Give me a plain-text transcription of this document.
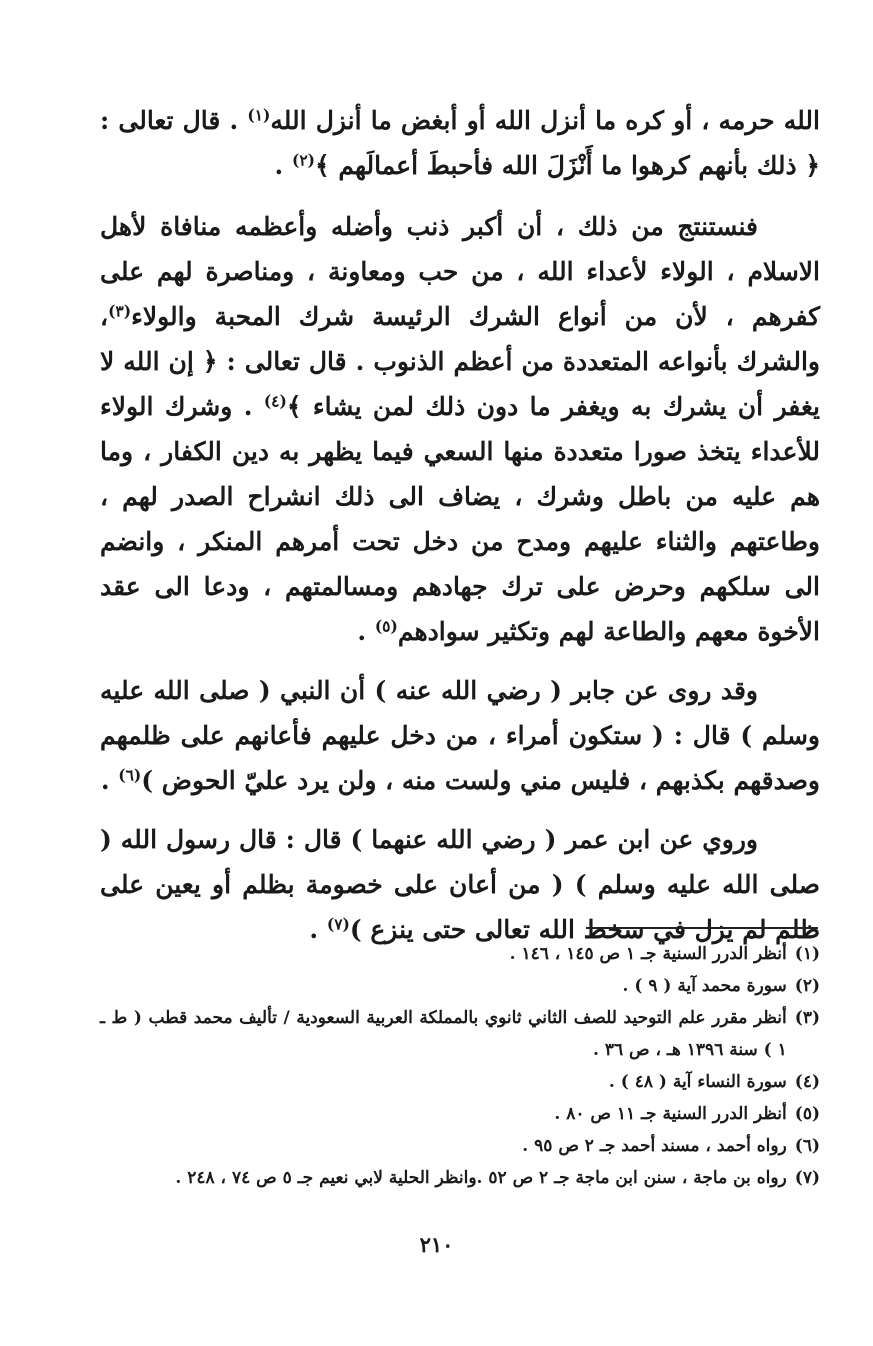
الله حرمه ، أو كره ما أنزل الله أو أبغض ما أنزل الله$^{(١)}$ . قال تعالى : ﴿ ذلك بأنهم كرهوا ما أَنْزَلَ الله فأحبطَ أعمالَهم ﴾$^{(٢)}$ .

فنستنتج من ذلك ، أن أكبر ذنب وأضله وأعظمه منافاة لأهل الاسلام ، الولاء لأعداء الله ، من حب ومعاونة ، ومناصرة لهم على كفرهم ، لأن من أنواع الشرك الرئيسة شرك المحبة والولاء$^{(٣)}$، والشرك بأنواعه المتعددة من أعظم الذنوب . قال تعالى : ﴿ إن الله لا يغفر أن يشرك به ويغفر ما دون ذلك لمن يشاء ﴾$^{(٤)}$ . وشرك الولاء للأعداء يتخذ صورا متعددة منها السعي فيما يظهر به دين الكفار ، وما هم عليه من باطل وشرك ، يضاف الى ذلك انشراح الصدر لهم ، وطاعتهم والثناء عليهم ومدح من دخل تحت أمرهم المنكر ، وانضم الى سلكهم وحرض على ترك جهادهم ومسالمتهم ، ودعا الى عقد الأخوة معهم والطاعة لهم وتكثير سوادهم$^{(٥)}$ .

وقد روى عن جابر ( رضي الله عنه ) أن النبي ( صلى الله عليه وسلم ) قال : ( ستكون أمراء ، من دخل عليهم فأعانهم على ظلمهم وصدقهم بكذبهم ، فليس مني ولست منه ، ولن يرد عليّ الحوض )$^{(٦)}$ .

وروي عن ابن عمر ( رضي الله عنهما ) قال : قال رسول الله ( صلى الله عليه وسلم ) ( من أعان على خصومة بظلم أو يعين على ظلم لم يزل في سخط الله تعالى حتى ينزع )$^{(٧)}$ .

(١)
أنظر الدرر السنية جـ ١ ص ١٤٥ ، ١٤٦ .
(٢)
سورة محمد آية ( ٩ ) .
(٣)
أنظر مقرر علم التوحيد للصف الثاني ثانوي بالمملكة العربية السعودية / تأليف محمد قطب ( ط ـ ١ ) سنة ١٣٩٦ هـ ، ص ٣٦ .
(٤)
سورة النساء آية ( ٤٨ ) .
(٥)
أنظر الدرر السنية جـ ١١ ص ٨٠ .
(٦)
رواه أحمد ، مسند أحمد جـ ٢ ص ٩٥ .
(٧)
رواه بن ماجة ، سنن ابن ماجة جـ ٢ ص ٥٢ .وانظر الحلية لابي نعيم جـ ٥ ص ٧٤ ، ٢٤٨ .
٢١٠
